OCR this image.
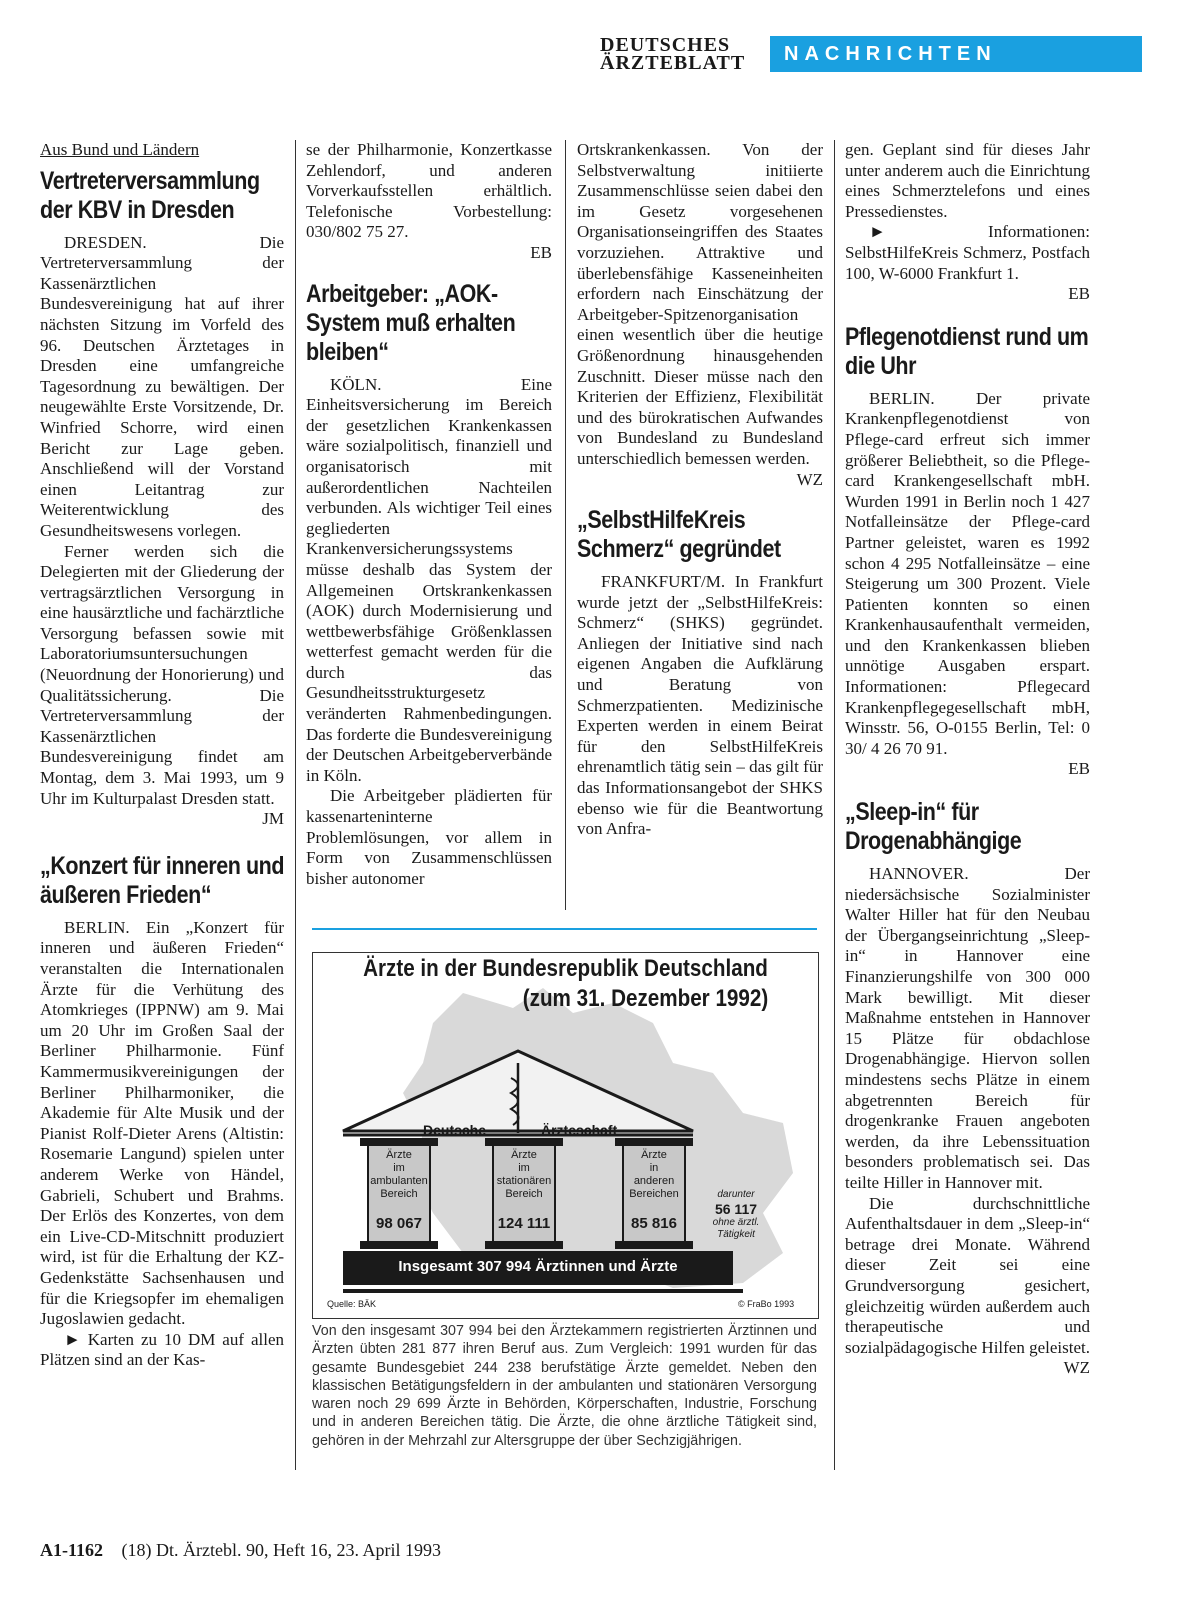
DEUTSCHES
ÄRZTEBLATT	NACHRICHTEN
Aus Bund und Ländern
Vertreterversammlung der KBV in Dresden

DRESDEN. Die Vertreterversammlung der Kassenärztlichen Bundesvereinigung hat auf ihrer nächsten Sitzung im Vorfeld des 96. Deutschen Ärztetages in Dresden eine umfangreiche Tagesordnung zu bewältigen. Der neugewählte Erste Vorsitzende, Dr. Winfried Schorre, wird einen Bericht zur Lage geben. Anschließend will der Vorstand einen Leitantrag zur Weiterentwicklung des Gesundheitswesens vorlegen.

Ferner werden sich die Delegierten mit der Gliederung der vertragsärztlichen Versorgung in eine hausärztliche und fachärztliche Versorgung befassen sowie mit Laboratoriumsuntersuchungen (Neuordnung der Honorierung) und Qualitätssicherung. Die Vertreterversammlung der Kassenärztlichen Bundesvereinigung findet am Montag, dem 3. Mai 1993, um 9 Uhr im Kulturpalast Dresden statt.

JM

„Konzert für inneren und äußeren Frieden“

BERLIN. Ein „Konzert für inneren und äußeren Frieden“ veranstalten die Internationalen Ärzte für die Verhütung des Atomkrieges (IPPNW) am 9. Mai um 20 Uhr im Großen Saal der Berliner Philharmonie. Fünf Kammermusikvereinigungen der Berliner Philharmoniker, die Akademie für Alte Musik und der Pianist Rolf-Dieter Arens (Altistin: Rosemarie Langund) spielen unter anderem Werke von Händel, Gabrieli, Schubert und Brahms. Der Erlös des Konzertes, von dem ein Live-CD-Mitschnitt produziert wird, ist für die Erhaltung der KZ-Gedenkstätte Sachsenhausen und für die Kriegsopfer im ehemaligen Jugoslawien gedacht.

► Karten zu 10 DM auf allen Plätzen sind an der Kas-

se der Philharmonie, Konzertkasse Zehlendorf, und anderen Vorverkaufsstellen erhältlich. Telefonische Vorbestellung: 030/802 75 27.

EB

Arbeitgeber: „AOK-System muß erhalten bleiben“

KÖLN. Eine Einheitsversicherung im Bereich der gesetzlichen Krankenkassen wäre sozialpolitisch, finanziell und organisatorisch mit außerordentlichen Nachteilen verbunden. Als wichtiger Teil eines gegliederten Krankenversicherungssystems müsse deshalb das System der Allgemeinen Ortskrankenkassen (AOK) durch Modernisierung und wettbewerbsfähige Größenklassen wetterfest gemacht werden für die durch das Gesundheitsstrukturgesetz veränderten Rahmenbedingungen. Das forderte die Bundesvereinigung der Deutschen Arbeitgeberverbände in Köln.

Die Arbeitgeber plädierten für kassenarteninterne Problemlösungen, vor allem in Form von Zusammenschlüssen bisher autonomer

Ortskrankenkassen. Von der Selbstverwaltung initiierte Zusammenschlüsse seien dabei den im Gesetz vorgesehenen Organisationseingriffen des Staates vorzuziehen. Attraktive und überlebensfähige Kasseneinheiten erfordern nach Einschätzung der Arbeitgeber-Spitzenorganisation einen wesentlich über die heutige Größenordnung hinausgehenden Zuschnitt. Dieser müsse nach den Kriterien der Effizienz, Flexibilität und des bürokratischen Aufwandes von Bundesland zu Bundesland unterschiedlich bemessen werden.

WZ

„SelbstHilfeKreis Schmerz“ gegründet

FRANKFURT/M. In Frankfurt wurde jetzt der „SelbstHilfeKreis: Schmerz“ (SHKS) gegründet. Anliegen der Initiative sind nach eigenen Angaben die Aufklärung und Beratung von Schmerzpatienten. Medizinische Experten werden in einem Beirat für den SelbstHilfeKreis ehrenamtlich tätig sein – das gilt für das Informationsangebot der SHKS ebenso wie für die Beantwortung von Anfra-

gen. Geplant sind für dieses Jahr unter anderem auch die Einrichtung eines Schmerztelefons und eines Pressedienstes.

► Informationen: SelbstHilfeKreis Schmerz, Postfach 100, W-6000 Frankfurt 1.

EB

Pflegenotdienst rund um die Uhr

BERLIN. Der private Krankenpflegenotdienst von Pflege-card erfreut sich immer größerer Beliebtheit, so die Pflege-card Krankengesellschaft mbH. Wurden 1991 in Berlin noch 1 427 Notfalleinsätze der Pflege-card Partner geleistet, waren es 1992 schon 4 295 Notfalleinsätze – eine Steigerung um 300 Prozent. Viele Patienten konnten so einen Krankenhausaufenthalt vermeiden, und den Krankenkassen blieben unnötige Ausgaben erspart. Informationen: Pflegecard Krankenpflegegesellschaft mbH, Winsstr. 56, O-0155 Berlin, Tel: 0 30/ 4 26 70 91.

EB

„Sleep-in“ für Drogenabhängige

HANNOVER. Der niedersächsische Sozialminister Walter Hiller hat für den Neubau der Übergangseinrichtung „Sleep-in“ in Hannover eine Finanzierungshilfe von 300 000 Mark bewilligt. Mit dieser Maßnahme entstehen in Hannover 15 Plätze für obdachlose Drogenabhängige. Hiervon sollen mindestens sechs Plätze in einem abgetrennten Bereich für drogenkranke Frauen angeboten werden, da ihre Lebenssituation besonders problematisch sei. Das teilte Hiller in Hannover mit.

Die durchschnittliche Aufenthaltsdauer in dem „Sleep-in“ betrage drei Monate. Während dieser Zeit sei eine Grundversorgung gesichert, gleichzeitig würden außerdem auch therapeutische und sozialpädagogische Hilfen geleistet.

WZ

Ärzte in der Bundesrepublik Deutschland
(zum 31. Dezember 1992)
Deutsche	Ärzteschaft
Ärzte
im
ambulanten
Bereich
98 067
Ärzte
im
stationären
Bereich
124 111
Ärzte
in
anderen
Bereichen
85 816
darunter
56 117
ohne ärztl.
Tätigkeit
Insgesamt 307 994 Ärztinnen und Ärzte
Quelle: BÄK	© FraBo 1993
Von den insgesamt 307 994 bei den Ärztekammern registrierten Ärztinnen und Ärzten übten 281 877 ihren Beruf aus. Zum Vergleich: 1991 wurden für das gesamte Bundesgebiet 244 238 berufstätige Ärzte gemeldet. Neben den klassischen Betätigungsfeldern in der ambulanten und stationären Versorgung waren noch 29 699 Ärzte in Behörden, Körperschaften, Industrie, Forschung und in anderen Bereichen tätig. Die Ärzte, die ohne ärztliche Tätigkeit sind, gehören in der Mehrzahl zur Altersgruppe der über Sechzigjährigen.
A1-1162 (18) Dt. Ärztebl. 90, Heft 16, 23. April 1993
